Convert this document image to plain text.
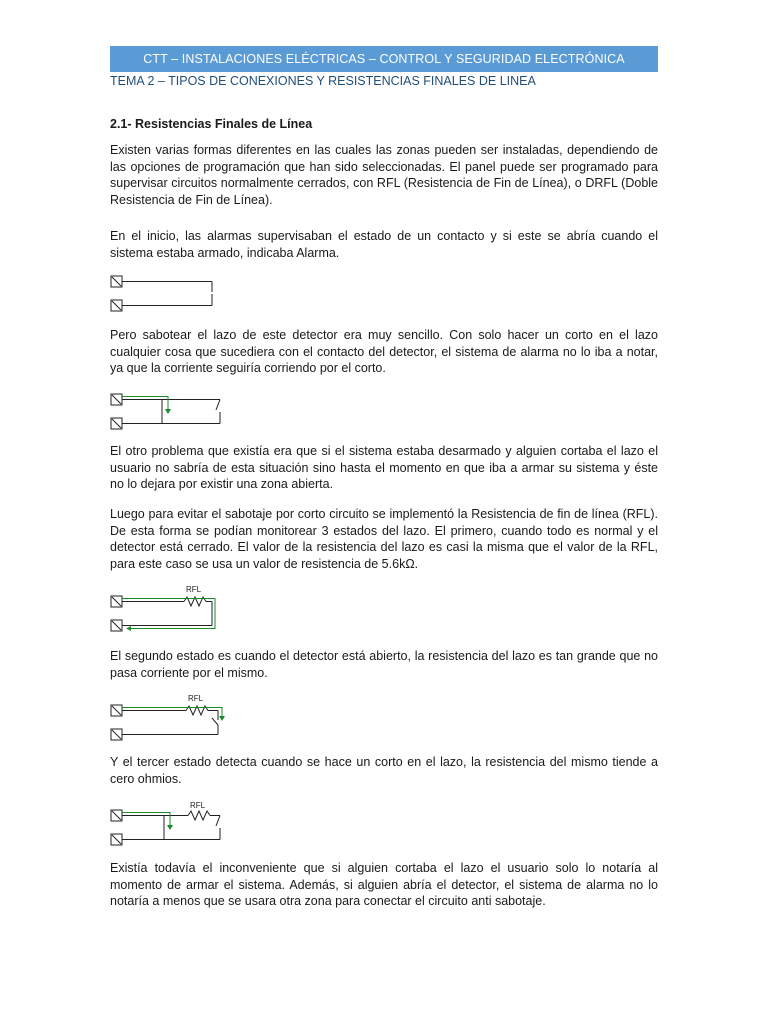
CTT – INSTALACIONES ELÉCTRICAS – CONTROL Y SEGURIDAD ELECTRÓNICA
TEMA 2 – TIPOS DE CONEXIONES Y RESISTENCIAS FINALES DE LINEA
2.1- Resistencias Finales de Línea

Existen varias formas diferentes en las cuales las zonas pueden ser instaladas, dependiendo de las opciones de programación que han sido seleccionadas. El panel puede ser programado para supervisar circuitos normalmente cerrados, con RFL (Resistencia de Fin de Línea), o DRFL (Doble Resistencia de Fin de Línea).

En el inicio, las alarmas supervisaban el estado de un contacto y si este se abría cuando el sistema estaba armado, indicaba Alarma.

Pero sabotear el lazo de este detector era muy sencillo. Con solo hacer un corto en el lazo cualquier cosa que sucediera con el contacto del detector, el sistema de alarma no lo iba a notar, ya que la corriente seguiría corriendo por el corto.

El otro problema que existía era que si el sistema estaba desarmado y alguien cortaba el lazo el usuario no sabría de esta situación sino hasta el momento en que iba a armar su sistema y éste no lo dejara por existir una zona abierta.

Luego para evitar el sabotaje por corto circuito se implementó la Resistencia de fin de línea (RFL). De esta forma se podían monitorear 3 estados del lazo. El primero, cuando todo es normal y el detector está cerrado. El valor de la resistencia del lazo es casi la misma que el valor de la RFL, para este caso se usa un valor de resistencia de 5.6kΩ.

RFL

El segundo estado es cuando el detector está abierto, la resistencia del lazo es tan grande que no pasa corriente por el mismo.

RFL

Y el tercer estado detecta cuando se hace un corto en el lazo, la resistencia del mismo tiende a cero ohmios.

RFL

Existía todavía el inconveniente que si alguien cortaba el lazo el usuario solo lo notaría al momento de armar el sistema. Además, si alguien abría el detector, el sistema de alarma no lo notaría a menos que se usara otra zona para conectar el circuito anti sabotaje.
